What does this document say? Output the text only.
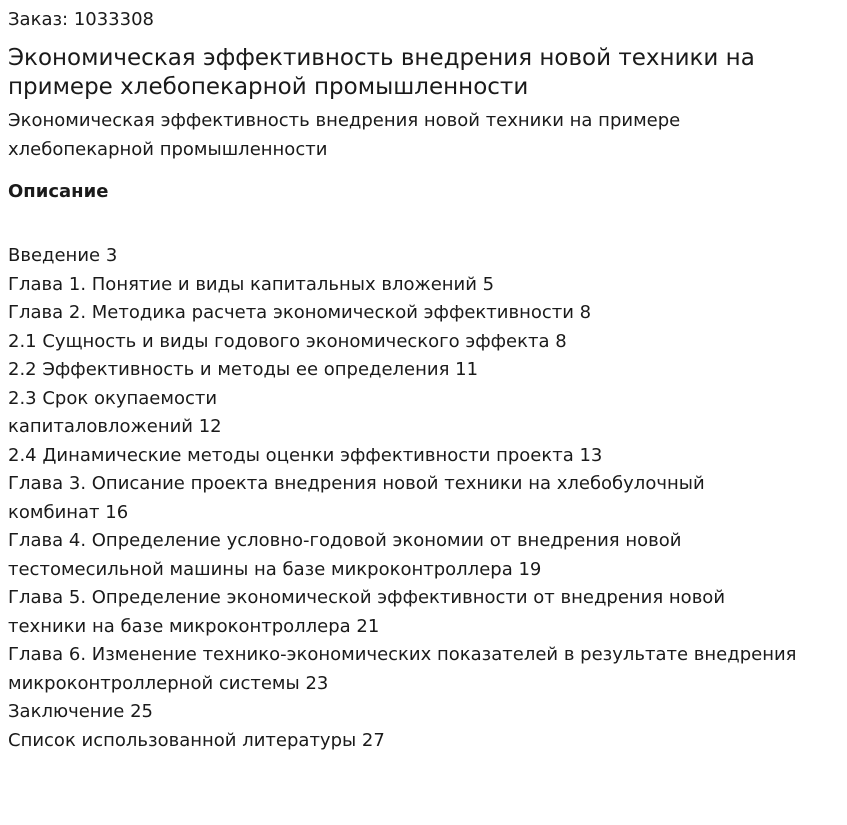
Заказ: 1033308

Экономическая эффективность внедрения новой техники на примере хлебопекарной промышленности

Экономическая эффективность внедрения новой техники на примере хлебопекарной промышленности

Описание
Введение 3
Глава 1. Понятие и виды капитальных вложений 5
Глава 2. Методика расчета экономической эффективности 8
2.1 Сущность и виды годового экономического эффекта 8
2.2 Эффективность и методы ее определения 11
2.3 Срок окупаемости
капиталовложений 12
2.4 Динамические методы оценки эффективности проекта 13
Глава 3. Описание проекта внедрения новой техники на хлебобулочный комбинат 16
Глава 4. Определение условно-годовой экономии от внедрения новой тестомесильной машины на базе микроконтроллера 19
Глава 5. Определение экономической эффективности от внедрения новой техники на базе микроконтроллера 21
Глава 6. Изменение технико-экономических показателей в результате внедрения микроконтроллерной системы 23
Заключение 25
Список использованной литературы 27
